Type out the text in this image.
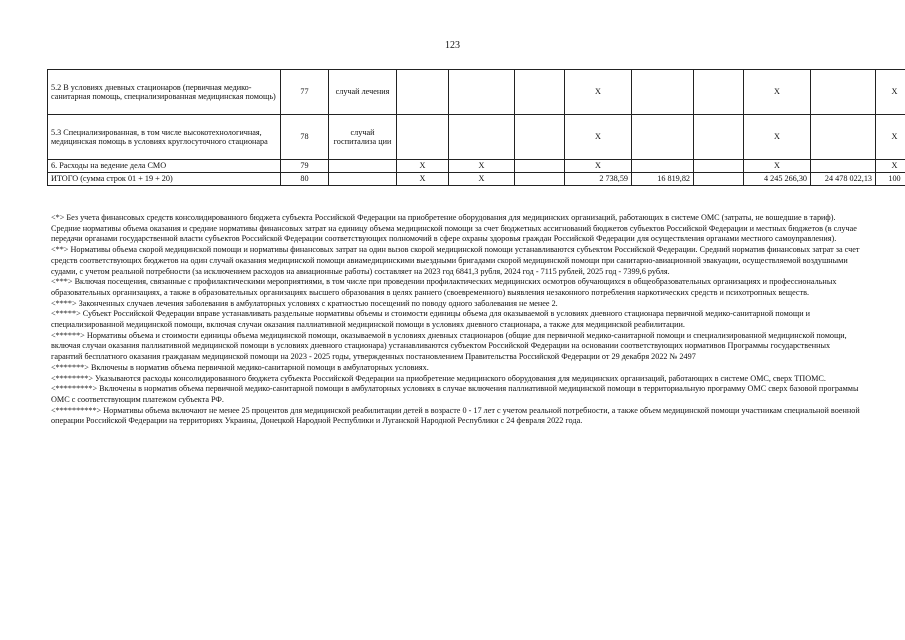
123
5.2 В условиях дневных стационаров (первичная медико-санитарная помощь, специализированная медицинская помощь)	77	случай лечения				X			X		X
5.3 Специализированная, в том числе высокотехнологичная, медицинская помощь в условиях круглосуточного стационара	78	случай госпитализа ции				X			X		X
6. Расходы на ведение дела СМО	79		X	X		X			X		X
ИТОГО (сумма строк 01 + 19 + 20)	80		X	X		2 738,59	16 819,82		4 245 266,30	24 478 022,13	100

<*> Без учета финансовых средств консолидированного бюджета субъекта Российской Федерации на приобретение оборудования для медицинских организаций, работающих в системе ОМС (затраты, не вошедшие в тариф).

Средние нормативы объема оказания и средние нормативы финансовых затрат на единицу объема медицинской помощи за счет бюджетных ассигнований бюджетов субъектов Российской Федерации и местных бюджетов (в случае передачи органами государственной власти субъектов Российской Федерации соответствующих полномочий в сфере охраны здоровья граждан Российской Федерации для осуществления органами местного самоуправления).

<**> Нормативы объема скорой медицинской помощи и нормативы финансовых затрат на один вызов скорой медицинской помощи устанавливаются субъектом Российской Федерации. Средний норматив финансовых затрат за счет средств соответствующих бюджетов на один случай оказания медицинской помощи авиамедицинскими выездными бригадами скорой медицинской помощи при санитарно-авиационной эвакуации, осуществляемой воздушными судами, с учетом реальной потребности (за исключением расходов на авиационные работы) составляет на 2023 год 6841,3 рубля, 2024 год - 7115 рублей, 2025 год - 7399,6 рубля.

<***> Включая посещения, связанные с профилактическими мероприятиями, в том числе при проведении профилактических медицинских осмотров обучающихся в общеобразовательных организациях и профессиональных образовательных организациях, а также в образовательных организациях высшего образования в целях раннего (своевременного) выявления незаконного потребления наркотических средств и психотропных веществ.

<****> Законченных случаев лечения заболевания в амбулаторных условиях с кратностью посещений по поводу одного заболевания не менее 2.

<*****> Субъект Российской Федерации вправе устанавливать раздельные нормативы объемы и стоимости единицы объема для оказываемой в условиях дневного стационара первичной медико-санитарной помощи и специализированной медицинской помощи, включая случаи оказания паллиативной медицинской помощи в условиях дневного стационара, а также для медицинской реабилитации.

<******> Нормативы объема и стоимости единицы объема медицинской помощи, оказываемой в условиях дневных стационаров (общие для первичной медико-санитарной помощи и специализированной медицинской помощи, включая случаи оказания паллиативной медицинской помощи в условиях дневного стационара) устанавливаются субъектом Российской Федерации на основании соответствующих нормативов Программы государственных гарантий бесплатного оказания гражданам медицинской помощи на 2023 - 2025 годы, утвержденных постановлением Правительства Российской Федерации от 29 декабря 2022 № 2497

<*******> Включены в норматив объема первичной медико-санитарной помощи в амбулаторных условиях.

<********> Указываются расходы консолидированного бюджета субъекта Российской Федерации на приобретение медицинского оборудования для медицинских организаций, работающих в системе ОМС, сверх ТПОМС.

<*********> Включены в норматив объема первичной медико-санитарной помощи в амбулаторных условиях в случае включения паллиативной медицинской помощи в территориальную программу ОМС сверх базовой программы ОМС с соответствующим платежом субъекта РФ.

<**********> Нормативы объема включают не менее 25 процентов для медицинской реабилитации детей в возрасте 0 - 17 лет с учетом реальной потребности, а также объем медицинской помощи участникам специальной военной операции Российской Федерации на территориях Украины, Донецкой Народной Республики и Луганской Народной Республики с 24 февраля 2022 года.
